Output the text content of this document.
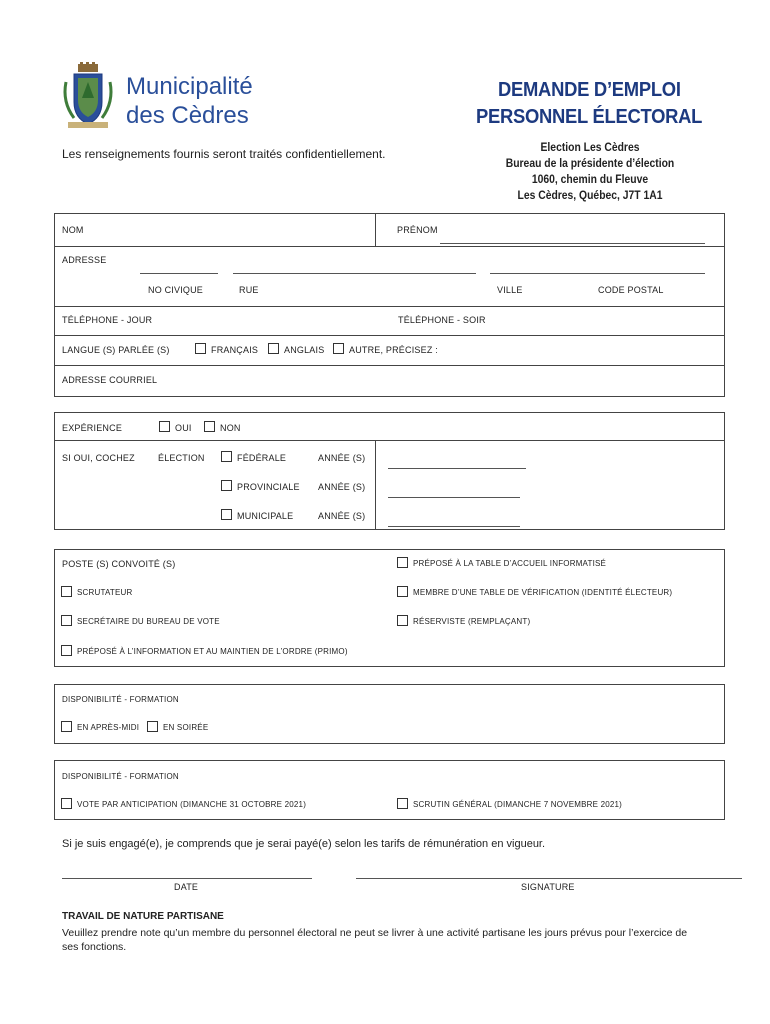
Municipalité
des Cèdres
DEMANDE D’EMPLOI
PERSONNEL ÉLECTORAL
Les renseignements fournis seront traités confidentiellement.	Election Les Cèdres
Bureau de la présidente d’élection
1060, chemin du Fleuve
Les Cèdres, Québec, J7T 1A1
NOM	PRÉNOM
ADRESSE
NO CIVIQUE	RUE	VILLE	CODE POSTAL
TÉLÉPHONE - JOUR	TÉLÉPHONE - SOIR
LANGUE (S) PARLÉE (S)	FRANÇAIS	ANGLAIS	AUTRE, PRÉCISEZ :
ADRESSE COURRIEL
EXPÉRIENCE	OUI	NON
SI OUI, COCHEZ	ÉLECTION	FÉDÉRALE	ANNÉE (S)
PROVINCIALE ANNÉE (S)
MUNICIPALE	ANNÉE (S)
POSTE (S) CONVOITÉ (S)	PRÉPOSÉ À LA TABLE D’ACCUEIL INFORMATISÉ
SCRUTATEUR	MEMBRE D’UNE TABLE DE VÉRIFICATION (IDENTITÉ ÉLECTEUR)
SECRÉTAIRE DU BUREAU DE VOTE	RÉSERVISTE (REMPLAÇANT)
PRÉPOSÉ À L’INFORMATION ET AU MAINTIEN DE L’ORDRE (PRIMO)
DISPONIBILITÉ - FORMATION
EN APRÈS-MIDI	EN SOIRÉE
DISPONIBILITÉ - FORMATION
VOTE PAR ANTICIPATION (DIMANCHE 31 OCTOBRE 2021)	SCRUTIN GÉNÉRAL (DIMANCHE 7 NOVEMBRE 2021)
Si je suis engagé(e), je comprends que je serai payé(e) selon les tarifs de rémunération en vigueur.
DATE	SIGNATURE
TRAVAIL DE NATURE PARTISANE
Veuillez prendre note qu’un membre du personnel électoral ne peut se livrer à une activité partisane les jours prévus pour l’exercice de ses fonctions.
